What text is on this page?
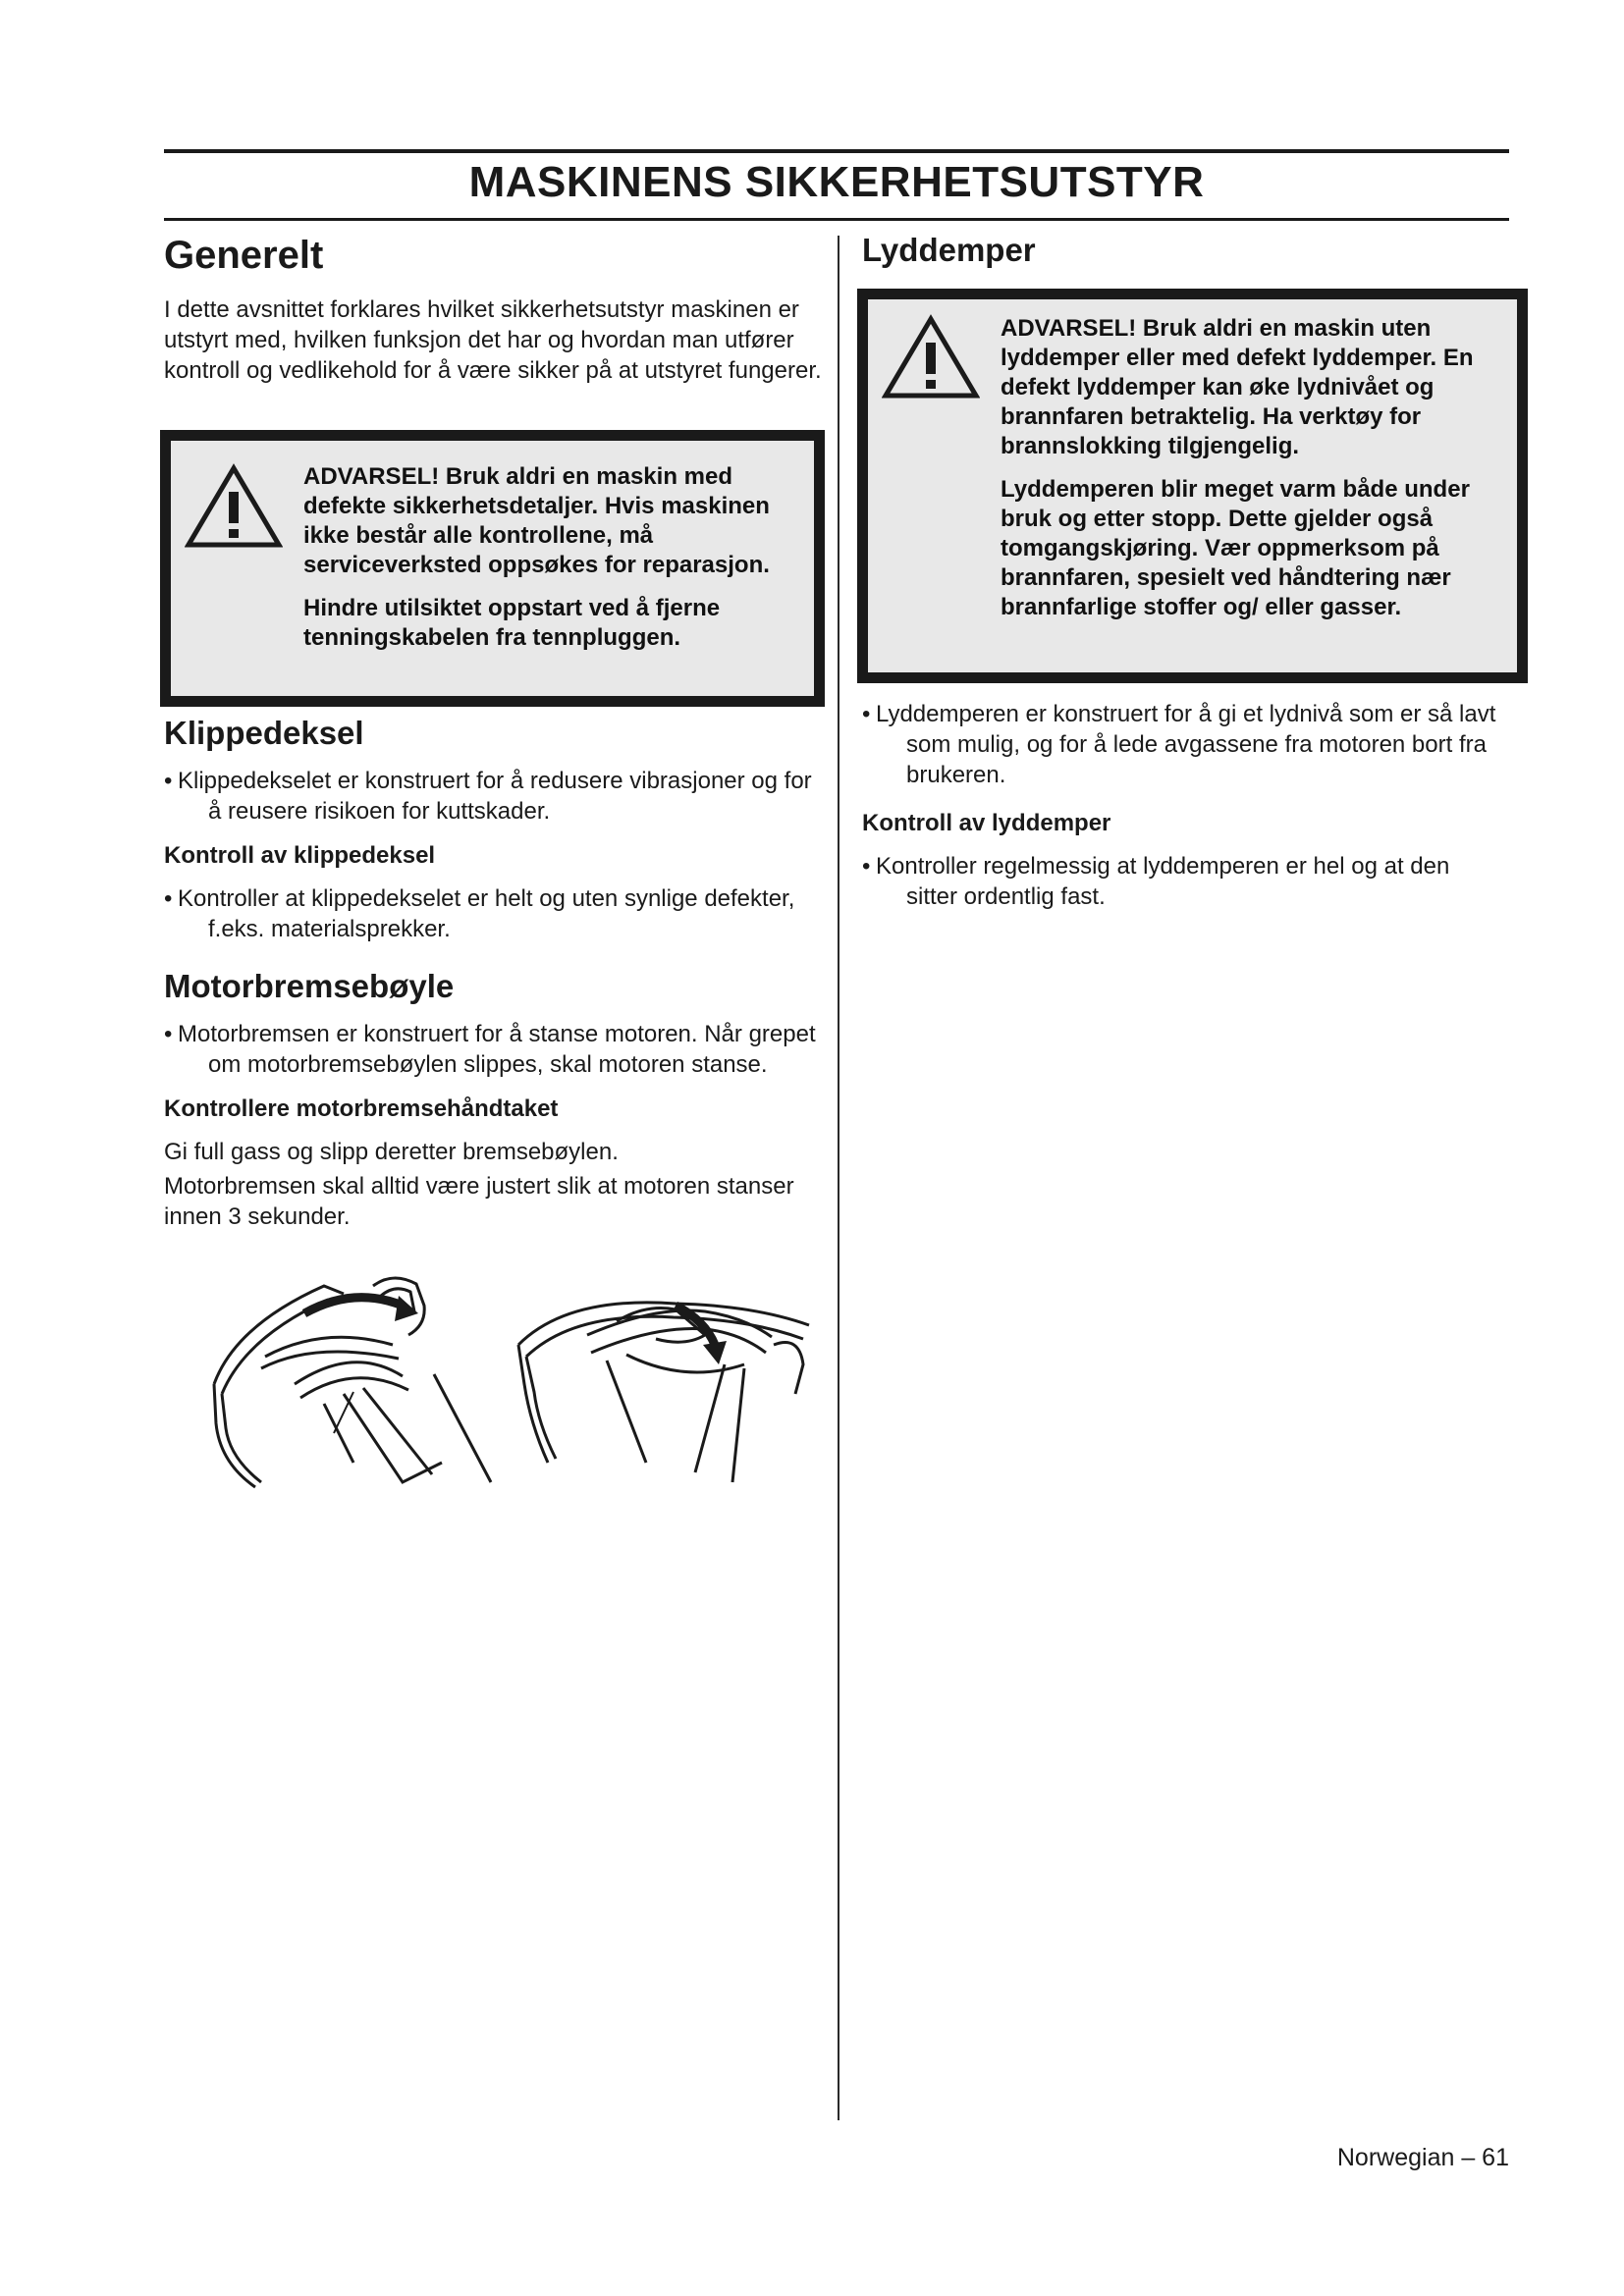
MASKINENS SIKKERHETSUTSTYR
Generelt

I dette avsnittet forklares hvilket sikkerhetsutstyr maskinen er utstyrt med, hvilken funksjon det har og hvordan man utfører kontroll og vedlikehold for å være sikker på at utstyret fungerer.

ADVARSEL! Bruk aldri en maskin med defekte sikkerhetsdetaljer. Hvis maskinen ikke består alle kontrollene, må serviceverksted oppsøkes for reparasjon.
Hindre utilsiktet oppstart ved å fjerne tenningskabelen fra tennpluggen.
Klippedeksel
• Klippedekselet er konstruert for å redusere vibrasjoner og for å reusere risikoen for kuttskader.
Kontroll av klippedeksel
• Kontroller at klippedekselet er helt og uten synlige defekter, f.eks. materialsprekker.
Motorbremsebøyle
• Motorbremsen er konstruert for å stanse motoren. Når grepet om motorbremsebøylen slippes, skal motoren stanse.
Kontrollere motorbremsehåndtaket

Gi full gass og slipp deretter bremsebøylen.

Motorbremsen skal alltid være justert slik at motoren stanser innen 3 sekunder.

Lyddemper
ADVARSEL! Bruk aldri en maskin uten lyddemper eller med defekt lyddemper. En defekt lyddemper kan øke lydnivået og brannfaren betraktelig. Ha verktøy for brannslokking tilgjengelig.
Lyddemperen blir meget varm både under bruk og etter stopp. Dette gjelder også tomgangskjøring. Vær oppmerksom på brannfaren, spesielt ved håndtering nær brannfarlige stoffer og/ eller gasser.
• Lyddemperen er konstruert for å gi et lydnivå som er så lavt som mulig, og for å lede avgassene fra motoren bort fra brukeren.
Kontroll av lyddemper
• Kontroller regelmessig at lyddemperen er hel og at den sitter ordentlig fast.
Norwegian – 61
